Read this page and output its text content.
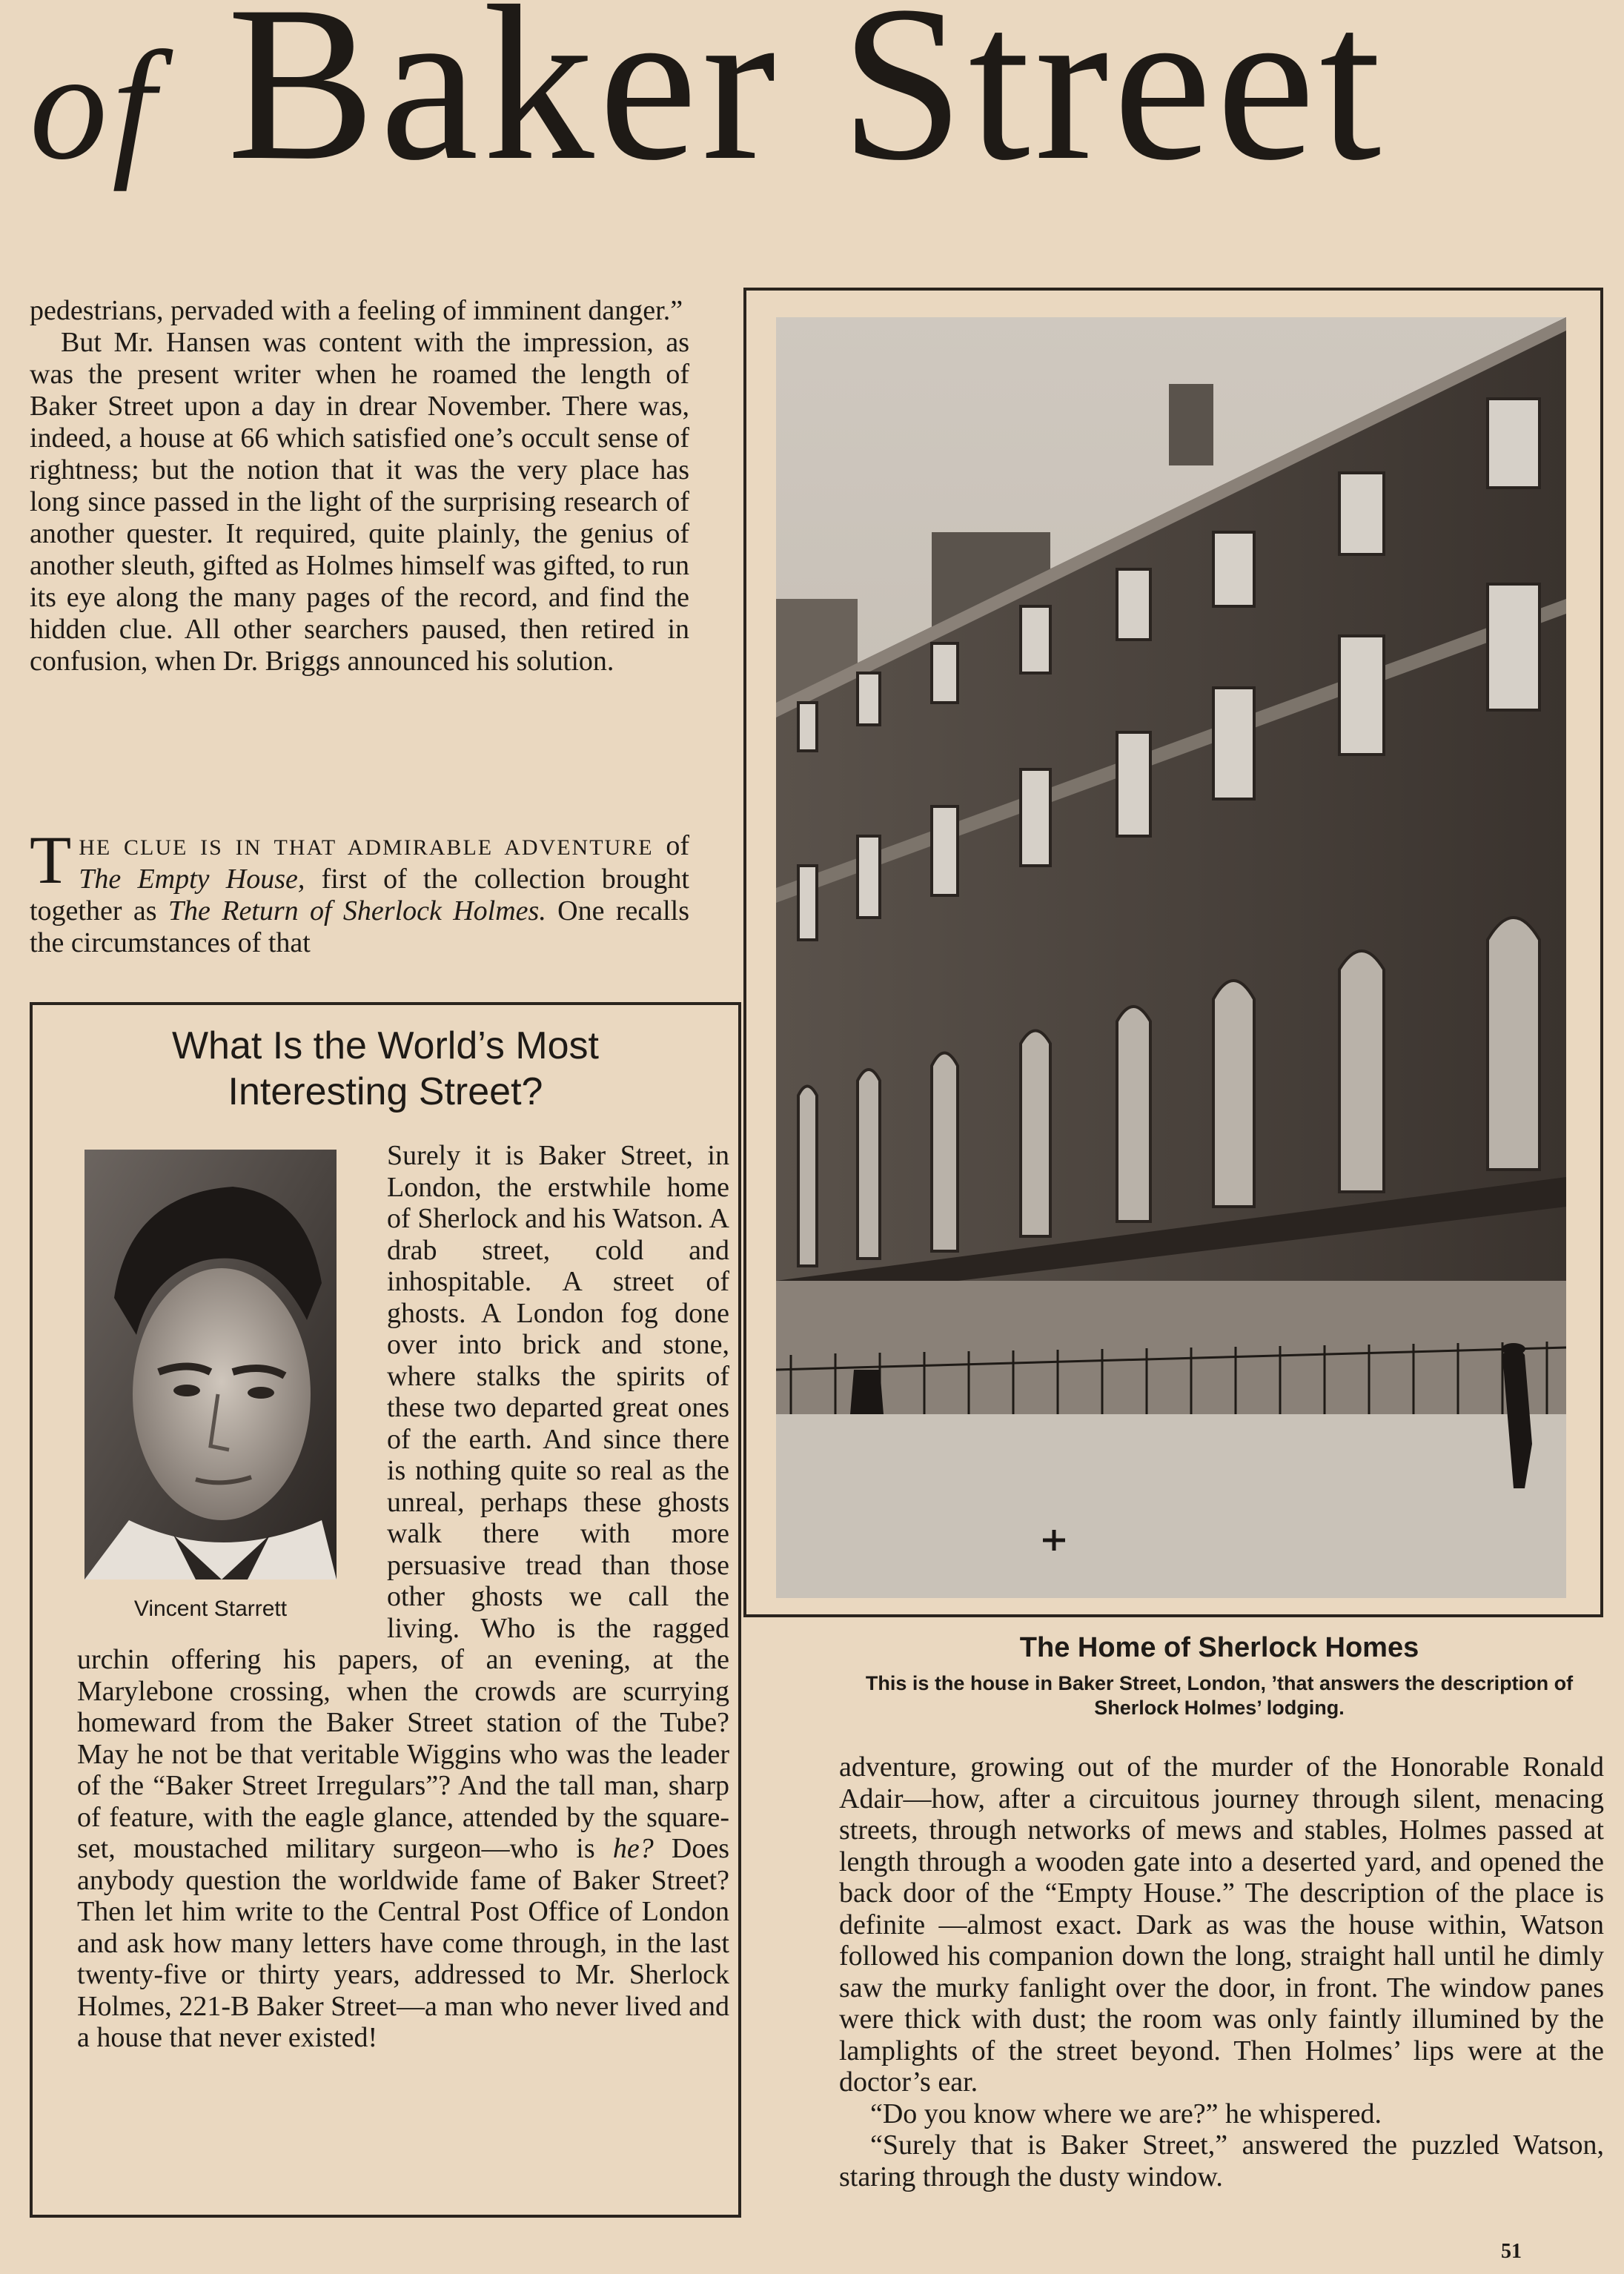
of Baker Street

pedestrians, pervaded with a feeling of imminent danger.”

But Mr. Hansen was content with the impression, as was the present writer when he roamed the length of Baker Street upon a day in drear November. There was, indeed, a house at 66 which satisfied one’s occult sense of rightness; but the notion that it was the very place has long since passed in the light of the surprising research of another quester. It required, quite plainly, the genius of another sleuth, gifted as Holmes himself was gifted, to run its eye along the many pages of the record, and find the hidden clue. All other searchers paused, then retired in confusion, when Dr. Briggs announced his solution.

THE CLUE IS IN THAT ADMIRABLE ADVENTURE of The Empty House, first of the collection brought together as The Return of Sherlock Holmes. One recalls the circumstances of that

What Is the World’s Most
Interesting Street?
Vincent Starrett
Surely it is Baker Street, in London, the erstwhile home of Sherlock and his Watson. A drab street, cold and inhospitable. A street of ghosts. A London fog done over into brick and stone, where stalks the spirits of these two departed great ones of the earth. And since there is nothing quite so real as the unreal, perhaps these ghosts walk there with more persuasive tread than those other ghosts we call the living. Who is the ragged urchin offering his papers, of an evening, at the Marylebone crossing, when the crowds are scurrying homeward from the Baker Street station of the Tube? May he not be that veritable Wiggins who was the leader of the “Baker Street Irregulars”? And the tall man, sharp of feature, with the eagle glance, attended by the square-set, moustached military surgeon—who is he? Does anybody question the worldwide fame of Baker Street? Then let him write to the Central Post Office of London and ask how many letters have come through, in the last twenty-five or thirty years, addressed to Mr. Sherlock Holmes, 221-B Baker Street—a man who never lived and a house that never existed!
The Home of Sherlock Homes
This is the house in Baker Street, London, ’that answers the description of Sherlock Holmes’ lodging.

adventure, growing out of the murder of the Honorable Ronald Adair—how, after a circuitous journey through silent, menacing streets, through networks of mews and stables, Holmes passed at length through a wooden gate into a deserted yard, and opened the back door of the “Empty House.” The description of the place is definite —almost exact. Dark as was the house within, Watson followed his companion down the long, straight hall until he dimly saw the murky fanlight over the door, in front. The window panes were thick with dust; the room was only faintly illumined by the lamplights of the street beyond. Then Holmes’ lips were at the doctor’s ear.

“Do you know where we are?” he whispered.

“Surely that is Baker Street,” answered the puzzled Watson, staring through the dusty window.

51
